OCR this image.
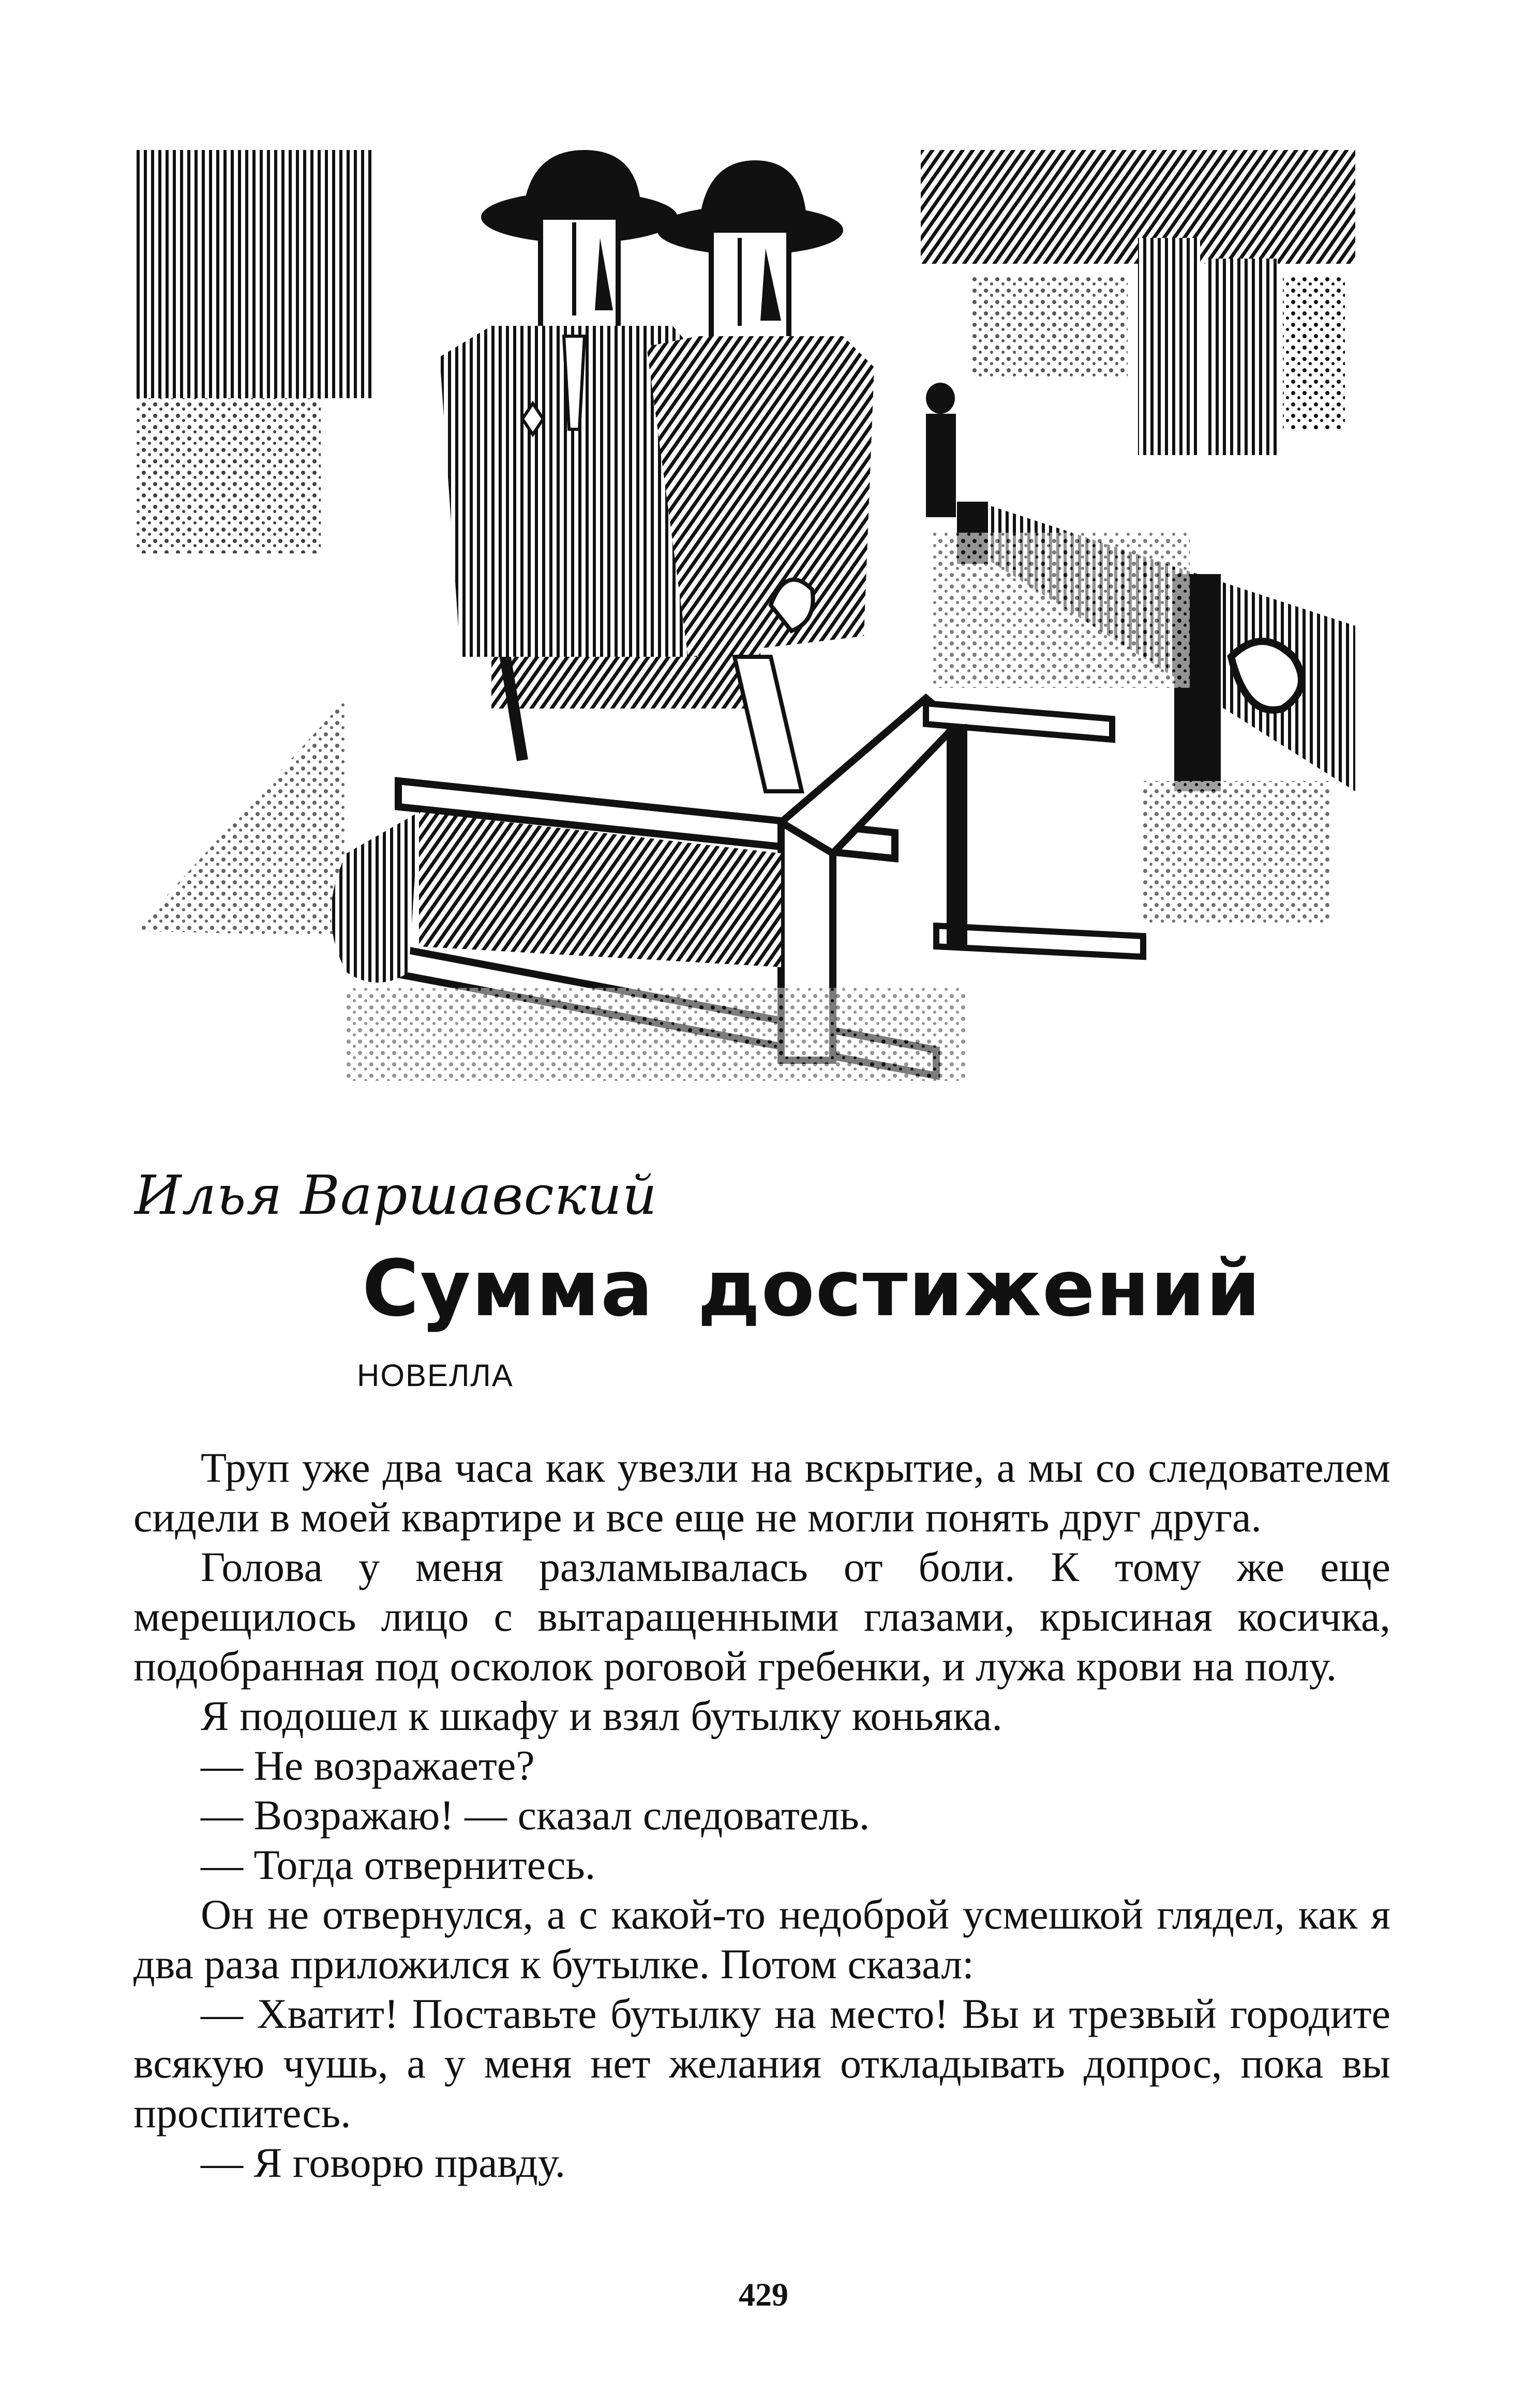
Илья Варшавский
Сумма достижений
НОВЕЛЛА

Труп уже два часа как увезли на вскрытие, а мы со следователем сидели в моей квартире и все еще не могли понять друг друга.

Голова у меня разламывалась от боли. К тому же еще мерещилось лицо с вытаращенными глазами, крысиная косичка, подобранная под осколок роговой гребенки, и лужа крови на полу.

Я подошел к шкафу и взял бутылку коньяка.

— Не возражаете?

— Возражаю! — сказал следователь.

— Тогда отвернитесь.

Он не отвернулся, а с какой-то недоброй усмешкой глядел, как я два раза приложился к бутылке. Потом сказал:

— Хватит! Поставьте бутылку на место! Вы и трезвый городите всякую чушь, а у меня нет желания откладывать допрос, пока вы проспитесь.

— Я говорю правду.

429
